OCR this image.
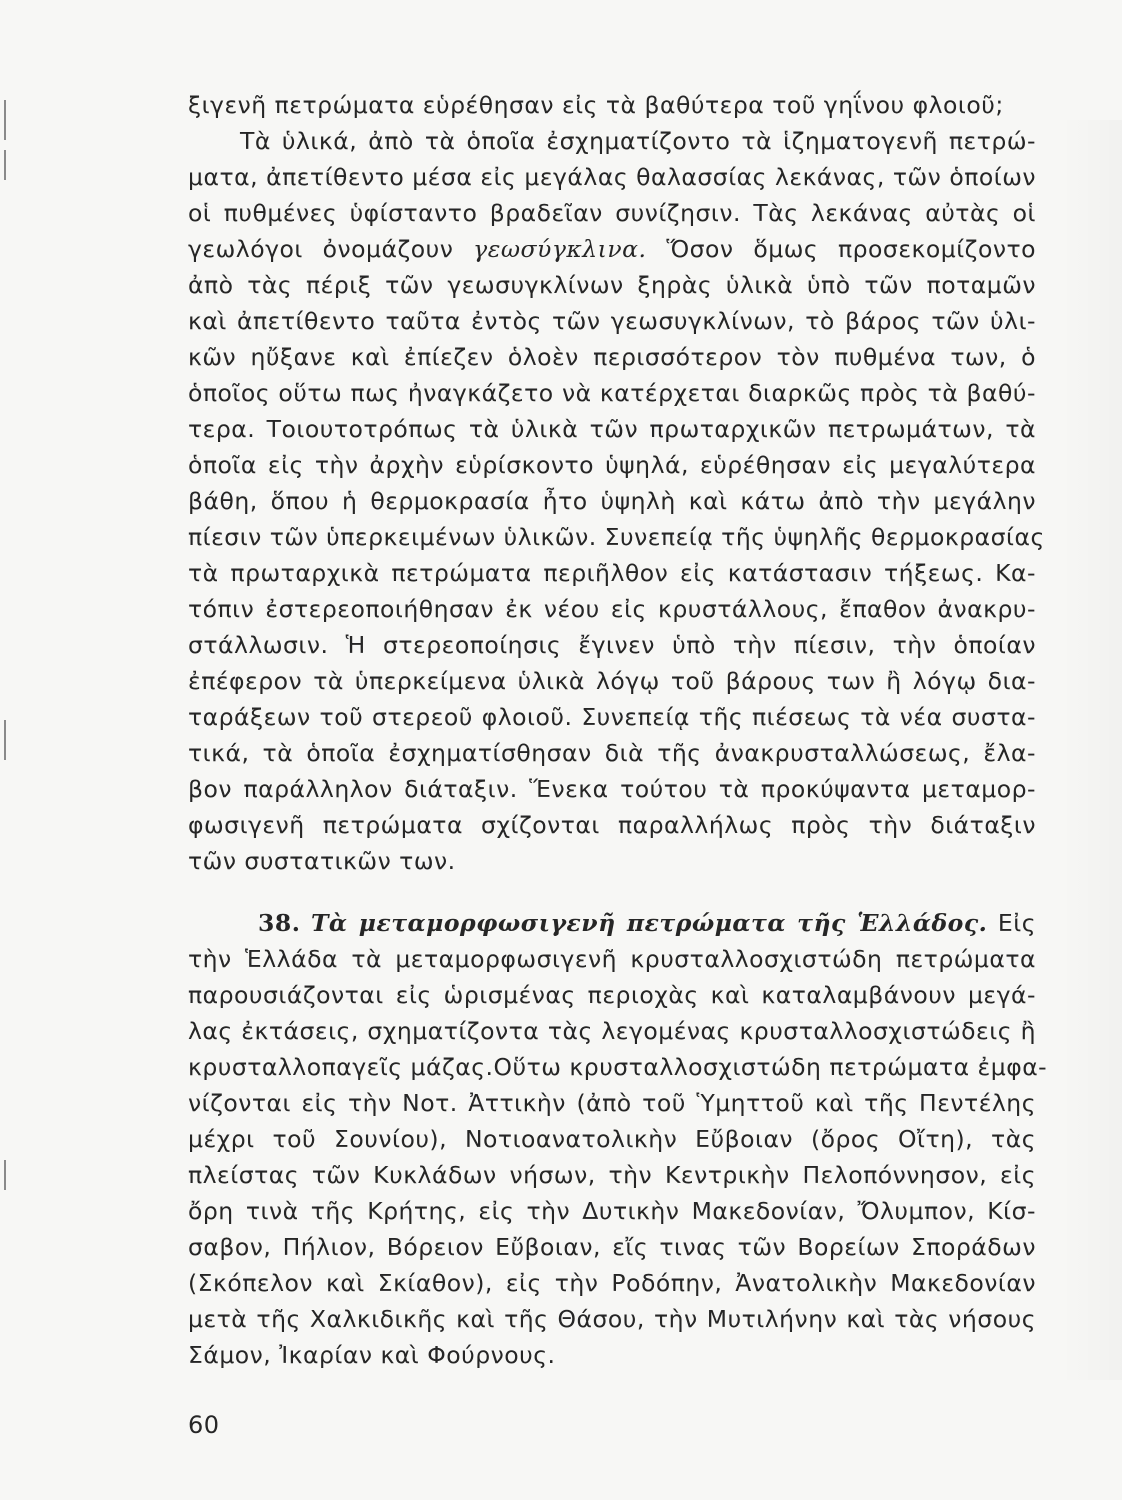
ξιγενῆ πετρώματα εὑρέθησαν εἰς τὰ βαθύτερα τοῦ γηΐνου φλοιοῦ;
Τὰ ὑλικά, ἀπὸ τὰ ὁποῖα ἐσχηματίζοντο τὰ ἱζηματογενῆ πετρώ-
ματα, ἀπετίθεντο μέσα εἰς μεγάλας θαλασσίας λεκάνας, τῶν ὁποίων
οἱ πυθμένες ὑφίσταντο βραδεῖαν συνίζησιν. Τὰς λεκάνας αὐτὰς οἱ
γεωλόγοι ὀνομάζουν γεωσύγκλινα. Ὅσον ὅμως προσεκομίζοντο
ἀπὸ τὰς πέριξ τῶν γεωσυγκλίνων ξηρὰς ὑλικὰ ὑπὸ τῶν ποταμῶν
καὶ ἀπετίθεντο ταῦτα ἐντὸς τῶν γεωσυγκλίνων, τὸ βάρος τῶν ὑλι-
κῶν ηὔξανε καὶ ἐπίεζεν ὁλοὲν περισσότερον τὸν πυθμένα των, ὁ
ὁποῖος οὕτω πως ἠναγκάζετο νὰ κατέρχεται διαρκῶς πρὸς τὰ βαθύ-
τερα. Τοιουτοτρόπως τὰ ὑλικὰ τῶν πρωταρχικῶν πετρωμάτων, τὰ
ὁποῖα εἰς τὴν ἀρχὴν εὑρίσκοντο ὑψηλά, εὑρέθησαν εἰς μεγαλύτερα
βάθη, ὅπου ἡ θερμοκρασία ἦτο ὑψηλὴ καὶ κάτω ἀπὸ τὴν μεγάλην
πίεσιν τῶν ὑπερκειμένων ὑλικῶν. Συνεπείᾳ τῆς ὑψηλῆς θερμοκρασίας
τὰ πρωταρχικὰ πετρώματα περιῆλθον εἰς κατάστασιν τήξεως. Κα-
τόπιν ἐστερεοποιήθησαν ἐκ νέου εἰς κρυστάλλους, ἔπαθον ἀνακρυ-
στάλλωσιν. Ἡ στερεοποίησις ἔγινεν ὑπὸ τὴν πίεσιν, τὴν ὁποίαν
ἐπέφερον τὰ ὑπερκείμενα ὑλικὰ λόγῳ τοῦ βάρους των ἢ λόγῳ δια-
ταράξεων τοῦ στερεοῦ φλοιοῦ. Συνεπείᾳ τῆς πιέσεως τὰ νέα συστα-
τικά, τὰ ὁποῖα ἐσχηματίσθησαν διὰ τῆς ἀνακρυσταλλώσεως, ἔλα-
βον παράλληλον διάταξιν. Ἕνεκα τούτου τὰ προκύψαντα μεταμορ-
φωσιγενῆ πετρώματα σχίζονται παραλλήλως πρὸς τὴν διάταξιν
τῶν συστατικῶν των.
38. Τὰ μεταμορφωσιγενῆ πετρώματα τῆς Ἑλλάδος. Εἰς
τὴν Ἑλλάδα τὰ μεταμορφωσιγενῆ κρυσταλλοσχιστώδη πετρώματα
παρουσιάζονται εἰς ὡρισμένας περιοχὰς καὶ καταλαμβάνουν μεγά-
λας ἐκτάσεις, σχηματίζοντα τὰς λεγομένας κρυσταλλοσχιστώδεις ἢ
κρυσταλλοπαγεῖς μάζας.Οὕτω κρυσταλλοσχιστώδη πετρώματα ἐμφα-
νίζονται εἰς τὴν Νοτ. Ἀττικὴν (ἀπὸ τοῦ Ὑμηττοῦ καὶ τῆς Πεντέλης
μέχρι τοῦ Σουνίου), Νοτιοανατολικὴν Εὔβοιαν (ὄρος Οἴτη), τὰς
πλείστας τῶν Κυκλάδων νήσων, τὴν Κεντρικὴν Πελοπόννησον, εἰς
ὄρη τινὰ τῆς Κρήτης, εἰς τὴν Δυτικὴν Μακεδονίαν, Ὄλυμπον, Κίσ-
σαβον, Πήλιον, Βόρειον Εὔβοιαν, εἴς τινας τῶν Βορείων Σποράδων
(Σκόπελον καὶ Σκίαθον), εἰς τὴν Ροδόπην, Ἀνατολικὴν Μακεδονίαν
μετὰ τῆς Χαλκιδικῆς καὶ τῆς Θάσου, τὴν Μυτιλήνην καὶ τὰς νήσους
Σάμον, Ἰκαρίαν καὶ Φούρνους.
60
